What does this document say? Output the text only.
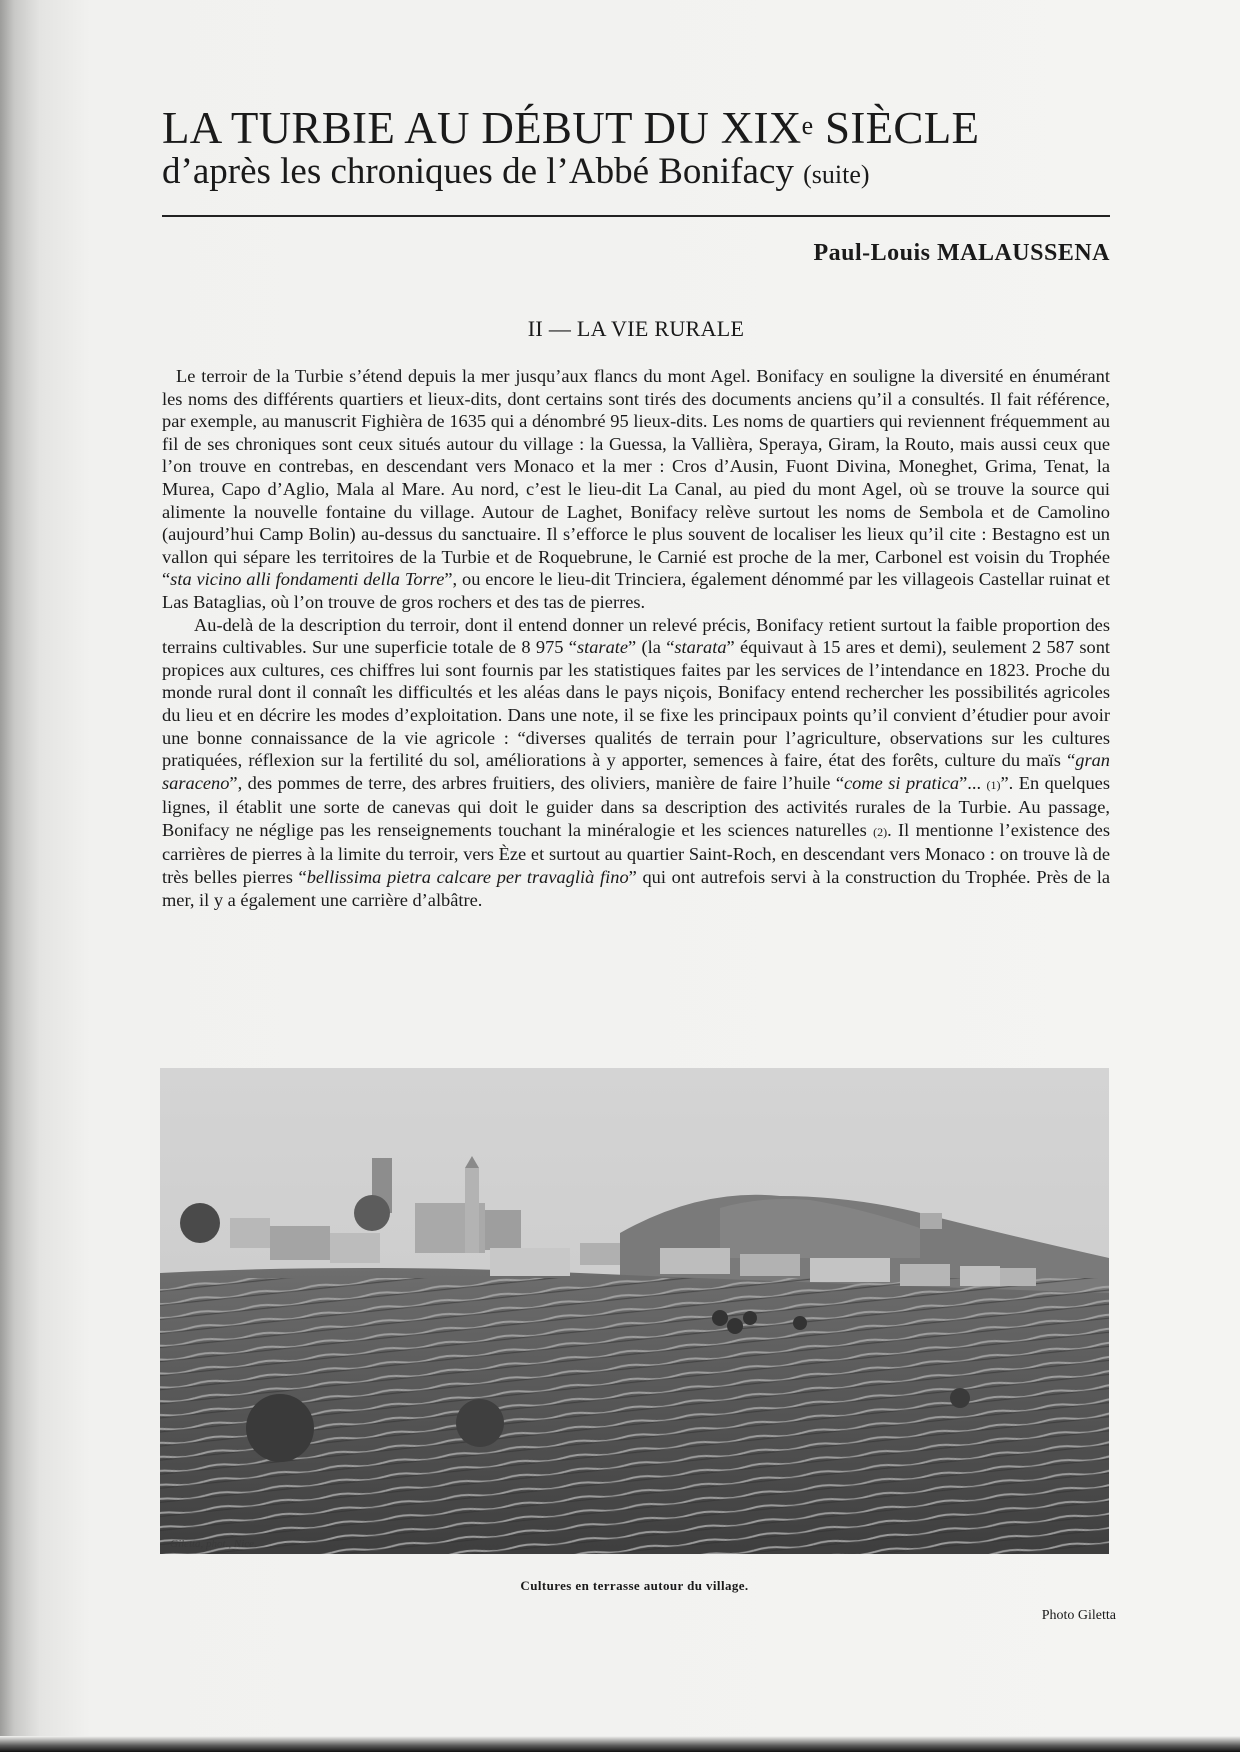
LA TURBIE AU DÉBUT DU XIXe SIÈCLE
d’après les chroniques de l’Abbé Bonifacy (suite)
Paul-Louis MALAUSSENA
II — LA VIE RURALE

Le terroir de la Turbie s’étend depuis la mer jusqu’aux flancs du mont Agel. Bonifacy en souligne la diversité en énumérant les noms des différents quartiers et lieux-dits, dont certains sont tirés des documents anciens qu’il a consultés. Il fait référence, par exemple, au manuscrit Fighièra de 1635 qui a dénombré 95 lieux-dits. Les noms de quartiers qui reviennent fréquemment au fil de ses chroniques sont ceux situés autour du village : la Guessa, la Vallièra, Speraya, Giram, la Routo, mais aussi ceux que l’on trouve en contrebas, en descendant vers Monaco et la mer : Cros d’Ausin, Fuont Divina, Moneghet, Grima, Tenat, la Murea, Capo d’Aglio, Mala al Mare. Au nord, c’est le lieu-dit La Canal, au pied du mont Agel, où se trouve la source qui alimente la nouvelle fontaine du village. Autour de Laghet, Bonifacy relève surtout les noms de Sembola et de Camolino (aujourd’hui Camp Bolin) au-dessus du sanctuaire. Il s’efforce le plus souvent de localiser les lieux qu’il cite : Bestagno est un vallon qui sépare les territoires de la Turbie et de Roquebrune, le Carnié est proche de la mer, Carbonel est voisin du Trophée “sta vicino alli fondamenti della Torre”, ou encore le lieu-dit Trinciera, également dénommé par les villageois Castellar ruinat et Las Bataglias, où l’on trouve de gros rochers et des tas de pierres.

Au-delà de la description du terroir, dont il entend donner un relevé précis, Bonifacy retient surtout la faible proportion des terrains cultivables. Sur une superficie totale de 8 975 “starate” (la “starata” équivaut à 15 ares et demi), seulement 2 587 sont propices aux cultures, ces chiffres lui sont fournis par les statistiques faites par les services de l’intendance en 1823. Proche du monde rural dont il connaît les difficultés et les aléas dans le pays niçois, Bonifacy entend rechercher les possibilités agricoles du lieu et en décrire les modes d’exploitation. Dans une note, il se fixe les principaux points qu’il convient d’étudier pour avoir une bonne connaissance de la vie agricole : “diverses qualités de terrain pour l’agriculture, observations sur les cultures pratiquées, réflexion sur la fertilité du sol, améliorations à y apporter, semences à faire, état des forêts, culture du maïs “gran saraceno”, des pommes de terre, des arbres fruitiers, des oliviers, manière de faire l’huile “come si pratica”... (1)”. En quelques lignes, il établit une sorte de canevas qui doit le guider dans sa description des activités rurales de la Turbie. Au passage, Bonifacy ne néglige pas les renseignements touchant la minéralogie et les sciences naturelles (2). Il mentionne l’existence des carrières de pierres à la limite du terroir, vers Èze et surtout au quartier Saint-Roch, en descendant vers Monaco : on trouve là de très belles pierres “bellissima pietra calcare per travaglià fino” qui ont autrefois servi à la construction du Trophée. Près de la mer, il y a également une carrière d’albâtre.

Giletta, phot., Nice
Cultures en terrasse autour du village.
Photo Giletta
